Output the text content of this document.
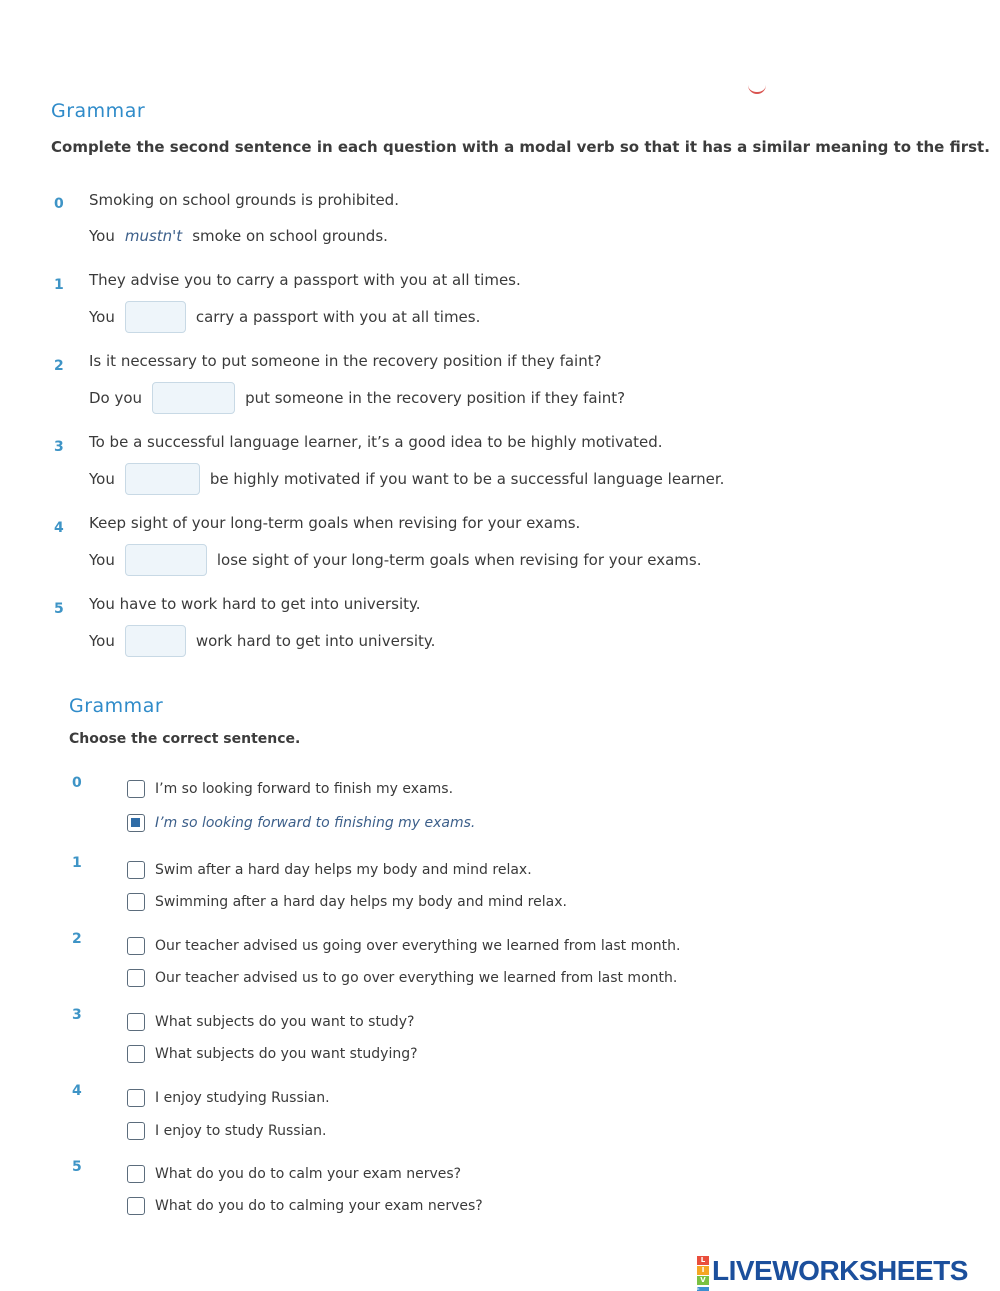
Grammar
Complete the second sentence in each question with a modal verb so that it has a similar meaning to the first.
0 Smoking on school grounds is prohibited.
You mustn't smoke on school grounds.
1 They advise you to carry a passport with you at all times.
You	carry a passport with you at all times.
2 Is it necessary to put someone in the recovery position if they faint?
Do you	put someone in the recovery position if they faint?
3 To be a successful language learner, it’s a good idea to be highly motivated.
You	be highly motivated if you want to be a successful language learner.
4 Keep sight of your long-term goals when revising for your exams.
You	lose sight of your long-term goals when revising for your exams.
5 You have to work hard to get into university.
You	work hard to get into university.
Grammar
Choose the correct sentence.
0	I’m so looking forward to finish my exams.
I’m so looking forward to finishing my exams.
1	Swim after a hard day helps my body and mind relax.
Swimming after a hard day helps my body and mind relax.
2	Our teacher advised us going over everything we learned from last month.
Our teacher advised us to go over everything we learned from last month.
3	What subjects do you want to study?
What subjects do you want studying?
4	I enjoy studying Russian.
I enjoy to study Russian.
5	What do you do to calm your exam nerves?
What do you do to calming your exam nerves?
L
I
V LIVEWORKSHEETS
E
